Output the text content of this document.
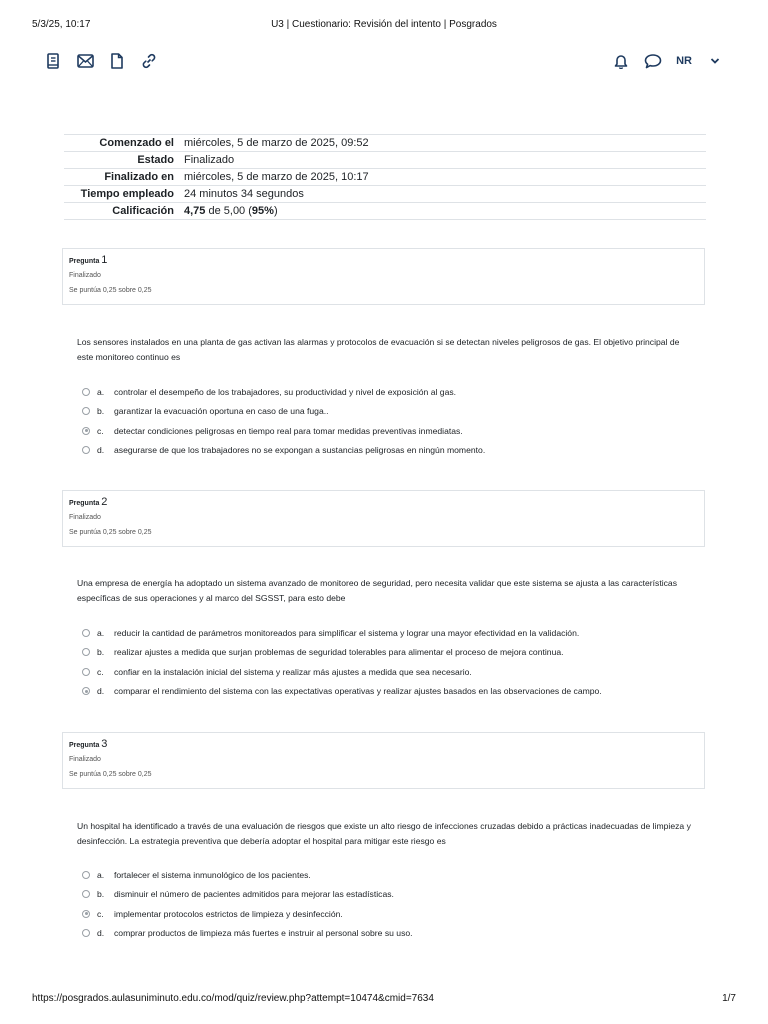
5/3/25, 10:17	U3 | Cuestionario: Revisión del intento | Posgrados
NR
Comenzado el	miércoles, 5 de marzo de 2025, 09:52
Estado	Finalizado
Finalizado en	miércoles, 5 de marzo de 2025, 10:17
Tiempo empleado	24 minutos 34 segundos
Calificación	4,75 de 5,00 (95%)
Pregunta 1
Finalizado
Se puntúa 0,25 sobre 0,25
Los sensores instalados en una planta de gas activan las alarmas y protocolos de evacuación si se detectan niveles peligrosos de gas. El objetivo principal de este monitoreo continuo es
a.	controlar el desempeño de los trabajadores, su productividad y nivel de exposición al gas.
b.	garantizar la evacuación oportuna en caso de una fuga..
c.	detectar condiciones peligrosas en tiempo real para tomar medidas preventivas inmediatas.
d.	asegurarse de que los trabajadores no se expongan a sustancias peligrosas en ningún momento.
Pregunta 2
Finalizado
Se puntúa 0,25 sobre 0,25
Una empresa de energía ha adoptado un sistema avanzado de monitoreo de seguridad, pero necesita validar que este sistema se ajusta a las características específicas de sus operaciones y al marco del SGSST, para esto debe
a.	reducir la cantidad de parámetros monitoreados para simplificar el sistema y lograr una mayor efectividad en la validación.
b.	realizar ajustes a medida que surjan problemas de seguridad tolerables para alimentar el proceso de mejora continua.
c.	confiar en la instalación inicial del sistema y realizar más ajustes a medida que sea necesario.
d.	comparar el rendimiento del sistema con las expectativas operativas y realizar ajustes basados en las observaciones de campo.
Pregunta 3
Finalizado
Se puntúa 0,25 sobre 0,25
Un hospital ha identificado a través de una evaluación de riesgos que existe un alto riesgo de infecciones cruzadas debido a prácticas inadecuadas de limpieza y desinfección. La estrategia preventiva que debería adoptar el hospital para mitigar este riesgo es
a.	fortalecer el sistema inmunológico de los pacientes.
b.	disminuir el número de pacientes admitidos para mejorar las estadísticas.
c.	implementar protocolos estrictos de limpieza y desinfección.
d.	comprar productos de limpieza más fuertes e instruir al personal sobre su uso.
https://posgrados.aulasuniminuto.edu.co/mod/quiz/review.php?attempt=10474&cmid=7634	1/7
